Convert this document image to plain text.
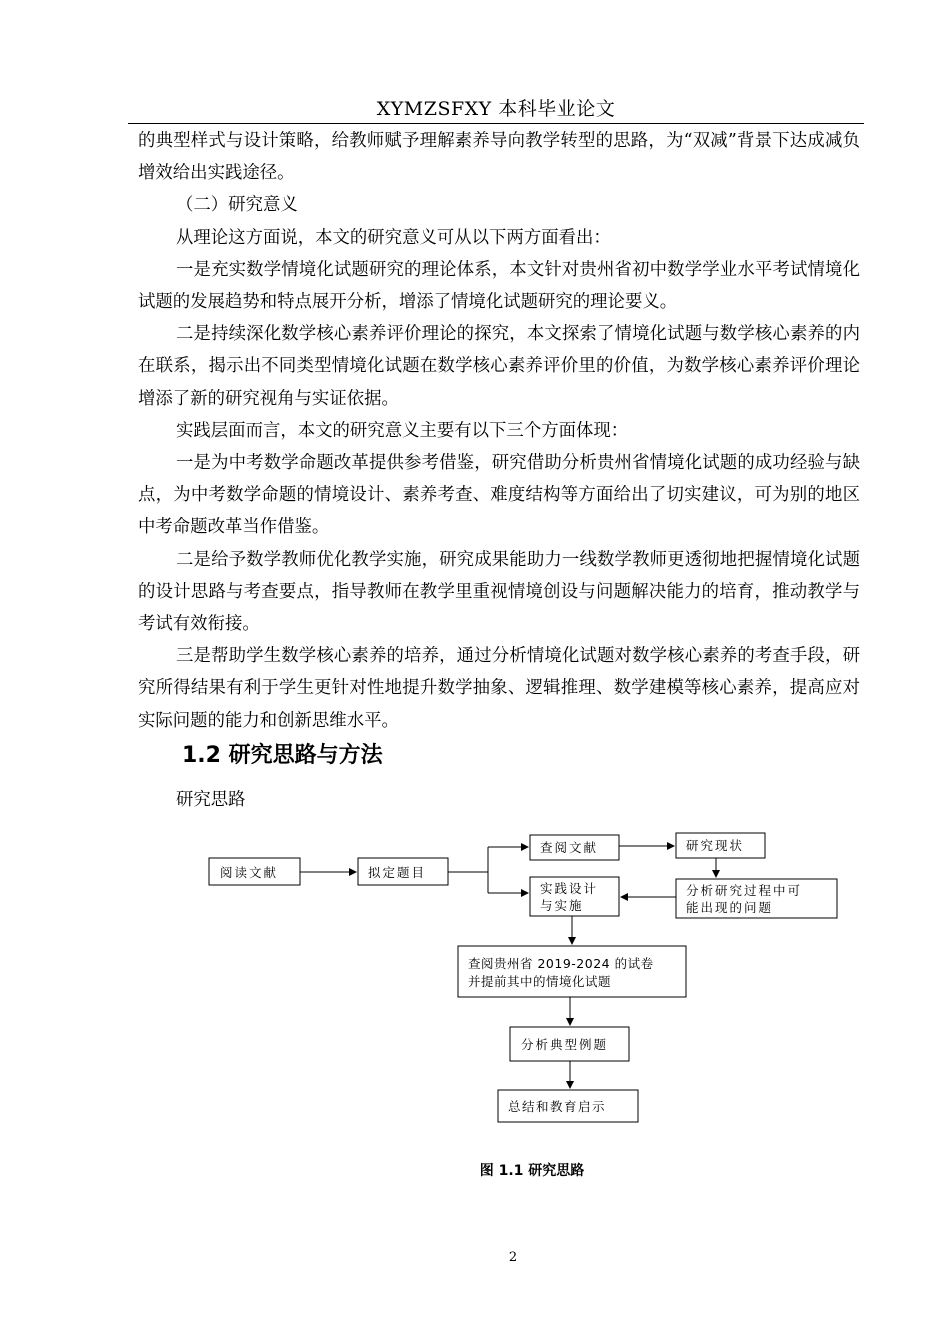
XYMZSFXY 本科毕业论文

的典型样式与设计策略，给教师赋予理解素养导向教学转型的思路，为“双减”背景下达成减负增效给出实践途径。

（二）研究意义

从理论这方面说，本文的研究意义可从以下两方面看出：

一是充实数学情境化试题研究的理论体系，本文针对贵州省初中数学学业水平考试情境化试题的发展趋势和特点展开分析，增添了情境化试题研究的理论要义。

二是持续深化数学核心素养评价理论的探究，本文探索了情境化试题与数学核心素养的内在联系，揭示出不同类型情境化试题在数学核心素养评价里的价值，为数学核心素养评价理论增添了新的研究视角与实证依据。

实践层面而言，本文的研究意义主要有以下三个方面体现：

一是为中考数学命题改革提供参考借鉴，研究借助分析贵州省情境化试题的成功经验与缺点，为中考数学命题的情境设计、素养考查、难度结构等方面给出了切实建议，可为别的地区中考命题改革当作借鉴。

二是给予数学教师优化教学实施，研究成果能助力一线数学教师更透彻地把握情境化试题的设计思路与考查要点，指导教师在教学里重视情境创设与问题解决能力的培育，推动教学与考试有效衔接。

三是帮助学生数学核心素养的培养，通过分析情境化试题对数学核心素养的考查手段，研究所得结果有利于学生更针对性地提升数学抽象、逻辑推理、数学建模等核心素养，提高应对实际问题的能力和创新思维水平。

1.2 研究思路与方法
研究思路
阅读文献	拟定题目
查阅文献	研究现状
实践设计
与实施
分析研究过程中可
能出现的问题
查阅贵州省 2019-2024 的试卷
并提前其中的情境化试题
分析典型例题
总结和教育启示
图 1.1 研究思路
2
